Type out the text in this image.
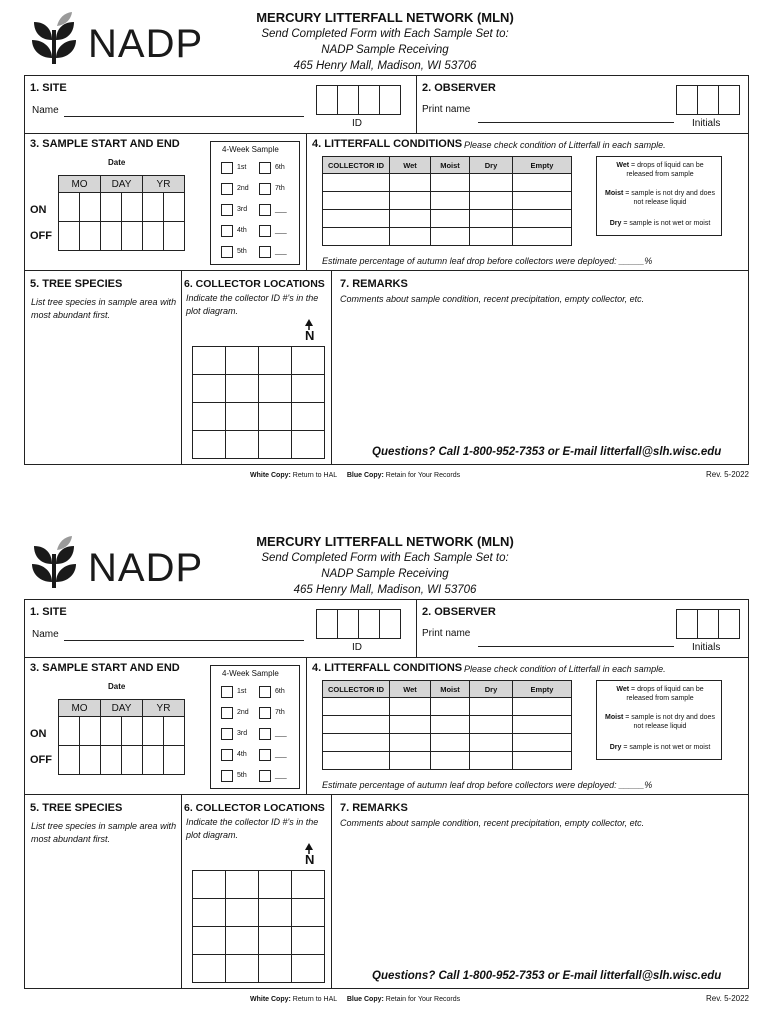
NADP
MERCURY LITTERFALL NETWORK (MLN)
Send Completed Form with Each Sample Set to:
NADP Sample Receiving
465 Henry Mall, Madison, WI 53706
1. SITE
Name

ID
2. OBSERVER
Print name

Initials
3. SAMPLE START AND END
Date
MO		DAY		YR	

ON
OFF
4-Week Sample
1st
2nd
3rd
4th
5th
6th
7th
___
___
___
4. LITTERFALL CONDITIONS Please check condition of Litterfall in each sample.
COLLECTOR ID	Wet	Moist	Dry	Empty

					Wet = drops of liquid can be released from sample
Moist = sample is not dry and does not release liquid
Dry = sample is not wet or moist
Estimate percentage of autumn leaf drop before collectors were deployed: _____%
5. TREE SPECIES
List tree species in sample area with most abundant first.
6. COLLECTOR LOCATIONS
Indicate the collector ID #'s in the plot diagram.
N

7. REMARKS
Comments about sample condition, recent precipitation, empty collector, etc.
Questions? Call 1-800-952-7353 or E-mail litterfall@slh.wisc.edu
White Copy: Return to HAL Blue Copy: Retain for Your Records	Rev. 5-2022
NADP
MERCURY LITTERFALL NETWORK (MLN)
Send Completed Form with Each Sample Set to:
NADP Sample Receiving
465 Henry Mall, Madison, WI 53706
1. SITE
Name

ID
2. OBSERVER
Print name

Initials
3. SAMPLE START AND END
Date
MO		DAY		YR	

ON
OFF
4-Week Sample
1st
2nd
3rd
4th
5th
6th
7th
___
___
___
4. LITTERFALL CONDITIONS Please check condition of Litterfall in each sample.
COLLECTOR ID	Wet	Moist	Dry	Empty

					Wet = drops of liquid can be released from sample
Moist = sample is not dry and does not release liquid
Dry = sample is not wet or moist
Estimate percentage of autumn leaf drop before collectors were deployed: _____%
5. TREE SPECIES
List tree species in sample area with most abundant first.
6. COLLECTOR LOCATIONS
Indicate the collector ID #'s in the plot diagram.
N

7. REMARKS
Comments about sample condition, recent precipitation, empty collector, etc.
Questions? Call 1-800-952-7353 or E-mail litterfall@slh.wisc.edu
White Copy: Return to HAL Blue Copy: Retain for Your Records	Rev. 5-2022
